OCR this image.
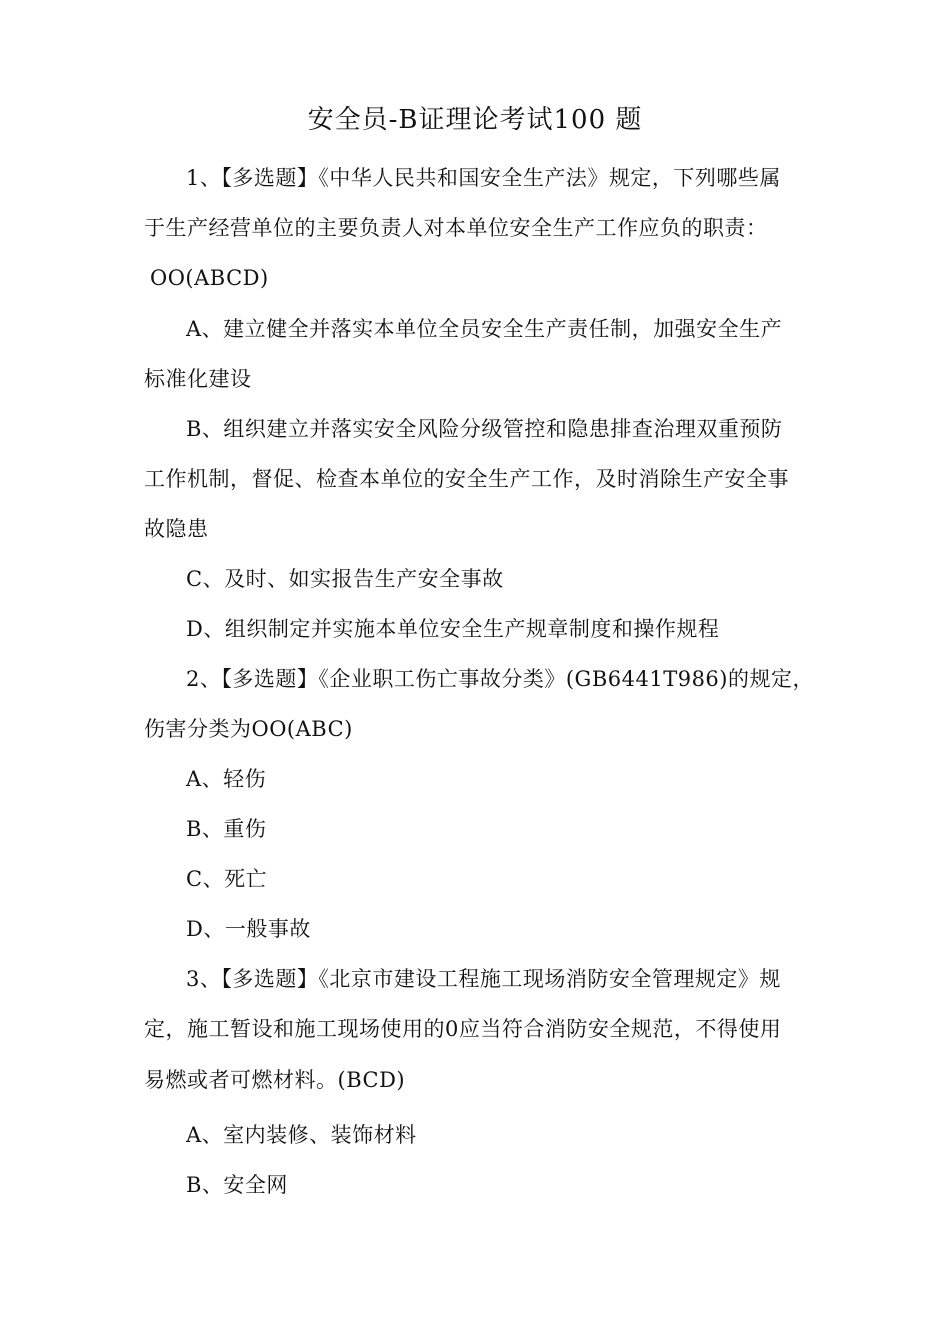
安全员-B证理论考试100 题
1、【多选题】《中华人民共和国安全生产法》规定，下列哪些属
于生产经营单位的主要负责人对本单位安全生产工作应负的职责：
OO(ABCD)
A、建立健全并落实本单位全员安全生产责任制，加强安全生产
标准化建设
B、组织建立并落实安全风险分级管控和隐患排查治理双重预防
工作机制，督促、检查本单位的安全生产工作，及时消除生产安全事
故隐患
C、及时、如实报告生产安全事故
D、组织制定并实施本单位安全生产规章制度和操作规程
2、【多选题】《企业职工伤亡事故分类》(GB6441T986)的规定，
伤害分类为OO(ABC)
A、轻伤
B、重伤
C、死亡
D、一般事故
3、【多选题】《北京市建设工程施工现场消防安全管理规定》规
定，施工暂设和施工现场使用的0应当符合消防安全规范，不得使用
易燃或者可燃材料。(BCD)
A、室内装修、装饰材料
B、安全网
